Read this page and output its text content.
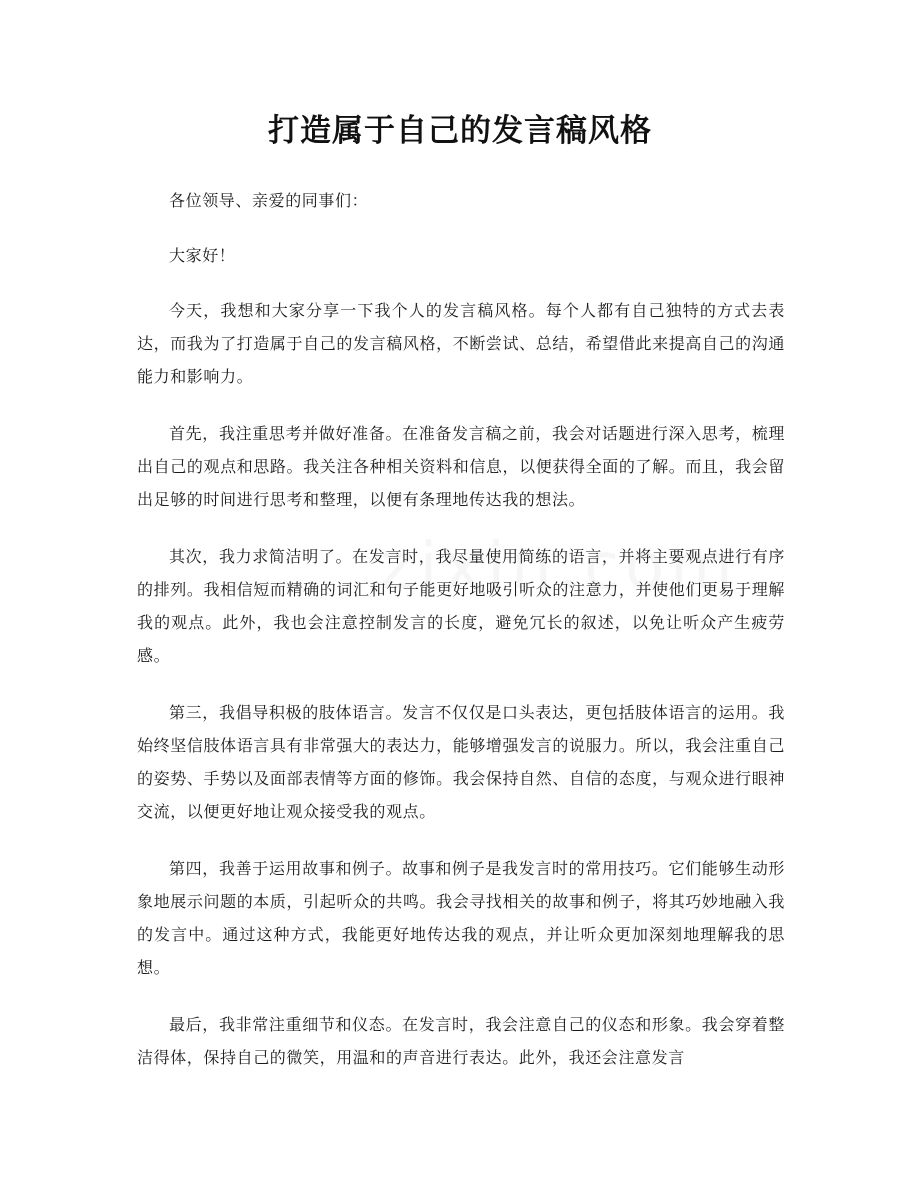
打造属于自己的发言稿风格

各位领导、亲爱的同事们：

大家好！

今天，我想和大家分享一下我个人的发言稿风格。每个人都有自己独特的方式去表达，而我为了打造属于自己的发言稿风格，不断尝试、总结，希望借此来提高自己的沟通能力和影响力。

首先，我注重思考并做好准备。在准备发言稿之前，我会对话题进行深入思考，梳理出自己的观点和思路。我关注各种相关资料和信息，以便获得全面的了解。而且，我会留出足够的时间进行思考和整理，以便有条理地传达我的想法。

其次，我力求简洁明了。在发言时，我尽量使用简练的语言，并将主要观点进行有序的排列。我相信短而精确的词汇和句子能更好地吸引听众的注意力，并使他们更易于理解我的观点。此外，我也会注意控制发言的长度，避免冗长的叙述，以免让听众产生疲劳感。

第三，我倡导积极的肢体语言。发言不仅仅是口头表达，更包括肢体语言的运用。我始终坚信肢体语言具有非常强大的表达力，能够增强发言的说服力。所以，我会注重自己的姿势、手势以及面部表情等方面的修饰。我会保持自然、自信的态度，与观众进行眼神交流，以便更好地让观众接受我的观点。

第四，我善于运用故事和例子。故事和例子是我发言时的常用技巧。它们能够生动形象地展示问题的本质，引起听众的共鸣。我会寻找相关的故事和例子，将其巧妙地融入我的发言中。通过这种方式，我能更好地传达我的观点，并让听众更加深刻地理解我的思想。

最后，我非常注重细节和仪态。在发言时，我会注意自己的仪态和形象。我会穿着整洁得体，保持自己的微笑，用温和的声音进行表达。此外，我还会注意发言
